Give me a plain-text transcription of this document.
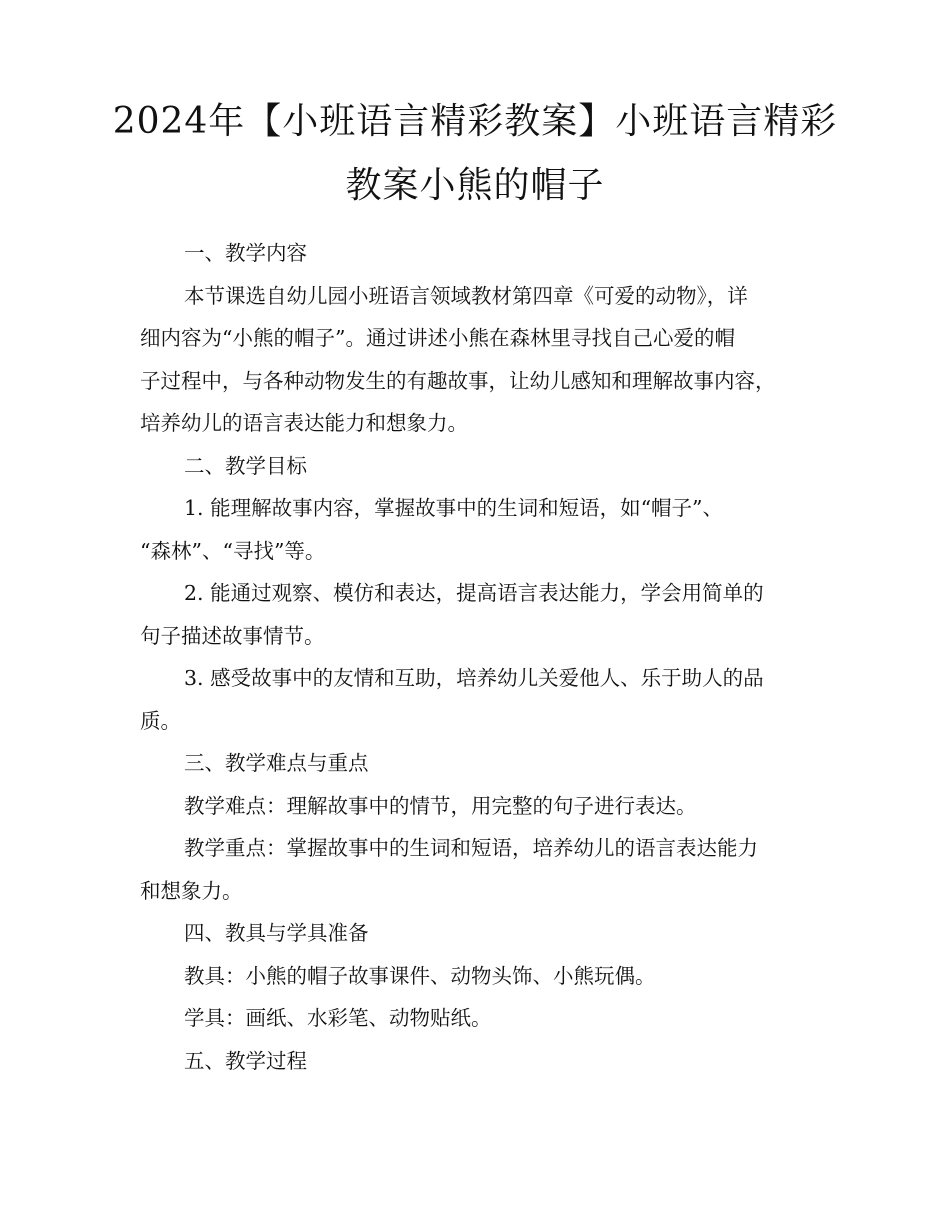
2024年【小班语言精彩教案】小班语言精彩
教案小熊的帽子
一、教学内容
本节课选自幼儿园小班语言领域教材第四章《可爱的动物》，详
细内容为“小熊的帽子”。通过讲述小熊在森林里寻找自己心爱的帽
子过程中，与各种动物发生的有趣故事，让幼儿感知和理解故事内容，
培养幼儿的语言表达能力和想象力。
二、教学目标
1. 能理解故事内容，掌握故事中的生词和短语，如“帽子”、
“森林”、“寻找”等。
2. 能通过观察、模仿和表达，提高语言表达能力，学会用简单的
句子描述故事情节。
3. 感受故事中的友情和互助，培养幼儿关爱他人、乐于助人的品
质。
三、教学难点与重点
教学难点：理解故事中的情节，用完整的句子进行表达。
教学重点：掌握故事中的生词和短语，培养幼儿的语言表达能力
和想象力。
四、教具与学具准备
教具：小熊的帽子故事课件、动物头饰、小熊玩偶。
学具：画纸、水彩笔、动物贴纸。
五、教学过程
